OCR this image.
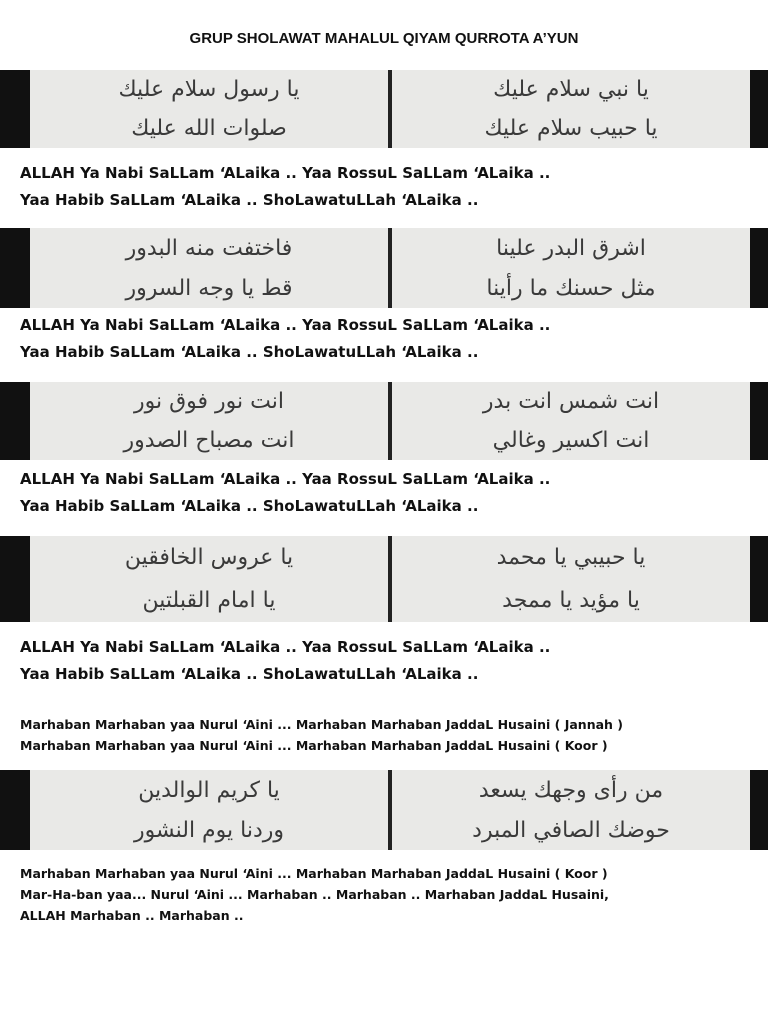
GRUP SHOLAWAT MAHALUL QIYAM QURROTA A’YUN
يا رسول سلام عليك
صلوات الله عليك
يا نبي سلام عليك
يا حبيب سلام عليك
ALLAH Ya Nabi SaLLam ‘ALaika .. Yaa RossuL SaLLam ‘ALaika ..
Yaa Habib SaLLam ‘ALaika .. ShoLawatuLLah ‘ALaika ..
فاختفت منه البدور
قط يا وجه السرور
اشرق البدر علينا
مثل حسنك ما رأينا
ALLAH Ya Nabi SaLLam ‘ALaika .. Yaa RossuL SaLLam ‘ALaika ..
Yaa Habib SaLLam ‘ALaika .. ShoLawatuLLah ‘ALaika ..
انت نور فوق نور
انت مصباح الصدور
انت شمس انت بدر
انت اكسير وغالي
ALLAH Ya Nabi SaLLam ‘ALaika .. Yaa RossuL SaLLam ‘ALaika ..
Yaa Habib SaLLam ‘ALaika .. ShoLawatuLLah ‘ALaika ..
يا عروس الخافقين
يا امام القبلتين
يا حبيبي يا محمد
يا مؤيد يا ممجد
ALLAH Ya Nabi SaLLam ‘ALaika .. Yaa RossuL SaLLam ‘ALaika ..
Yaa Habib SaLLam ‘ALaika .. ShoLawatuLLah ‘ALaika ..
Marhaban Marhaban yaa Nurul ‘Aini ... Marhaban Marhaban JaddaL Husaini ( Jannah )
Marhaban Marhaban yaa Nurul ‘Aini ... Marhaban Marhaban JaddaL Husaini ( Koor )
يا كريم الوالدين
وردنا يوم النشور
من رأى وجهك يسعد
حوضك الصافي المبرد
Marhaban Marhaban yaa Nurul ‘Aini ... Marhaban Marhaban JaddaL Husaini ( Koor )
Mar-Ha-ban yaa... Nurul ‘Aini ... Marhaban .. Marhaban .. Marhaban JaddaL Husaini,
ALLAH Marhaban .. Marhaban ..
